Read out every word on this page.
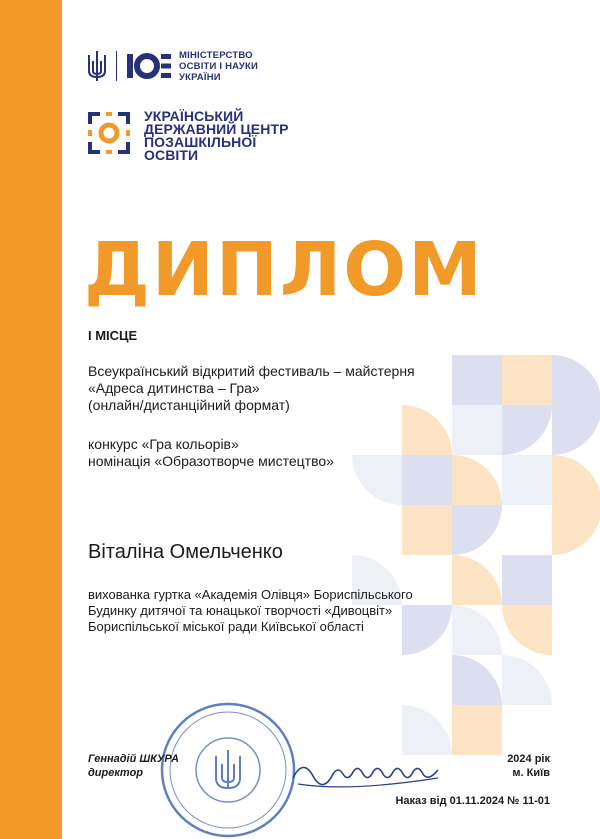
МІНІСТЕРСТВО
ОСВІТИ І НАУКИ
УКРАЇНИ
УКРАЇНСЬКИЙ
ДЕРЖАВНИЙ ЦЕНТР
ПОЗАШКІЛЬНОЇ
ОСВІТИ
ДИПЛОМ
І МІСЦЕ
Всеукраїнський відкритий фестиваль – майстерня
«Адреса дитинства – Гра»
(онлайн/дистанційний формат)
конкурс «Гра кольорів»
номінація «Образотворче мистецтво»
Віталіна Омельченко
вихованка гуртка «Академія Олівця» Бориспільського
Будинку дитячої та юнацької творчості «Дивоцвіт»
Бориспільської міської ради Київської області
Геннадій ШКУРА
директор
2024 рік
м. Київ
Наказ від 01.11.2024 № 11-01
